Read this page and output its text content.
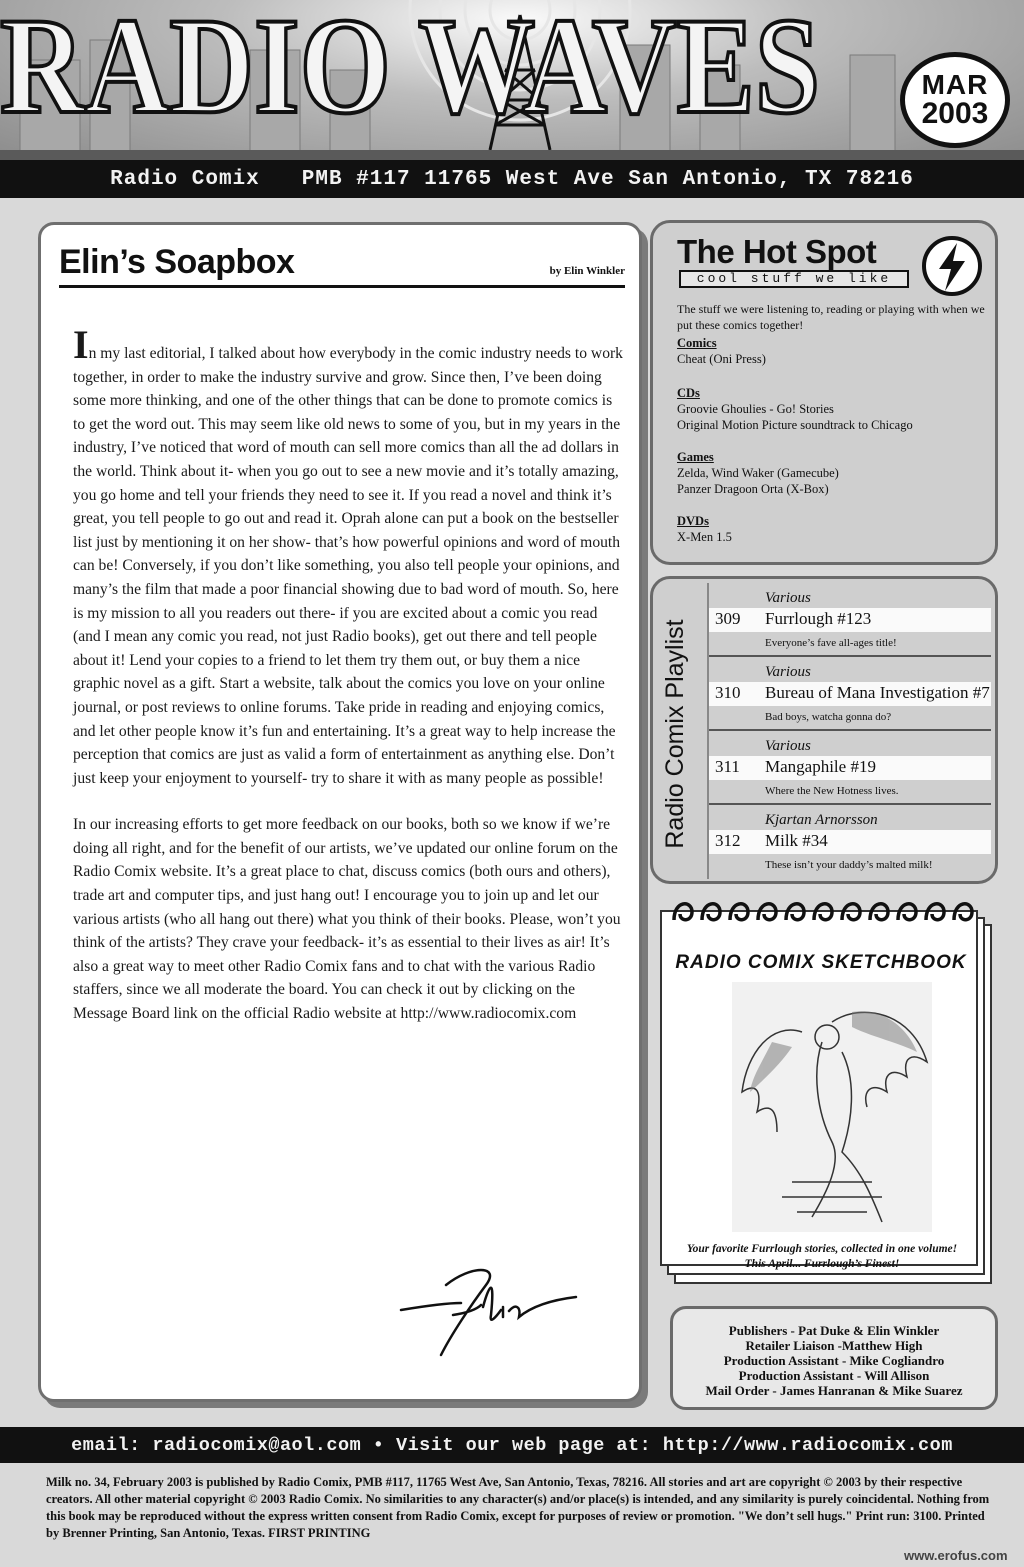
RADIO WAVES	MAR
2003
Radio Comix PMB #117 11765 West Ave San Antonio, TX 78216
Elin’s Soapbox	by Elin Winkler

In my last editorial, I talked about how everybody in the comic industry needs to work together, in order to make the industry survive and grow. Since then, I’ve been doing some more thinking, and one of the other things that can be done to promote comics is to get the word out. This may seem like old news to some of you, but in my years in the industry, I’ve noticed that word of mouth can sell more comics than all the ad dollars in the world. Think about it- when you go out to see a new movie and it’s totally amazing, you go home and tell your friends they need to see it. If you read a novel and think it’s great, you tell people to go out and read it. Oprah alone can put a book on the bestseller list just by mentioning it on her show- that’s how powerful opinions and word of mouth can be! Conversely, if you don’t like something, you also tell people your opinions, and many’s the film that made a poor financial showing due to bad word of mouth. So, here is my mission to all you readers out there- if you are excited about a comic you read (and I mean any comic you read, not just Radio books), get out there and tell people about it! Lend your copies to a friend to let them try them out, or buy them a nice graphic novel as a gift. Start a website, talk about the comics you love on your online journal, or post reviews to online forums. Take pride in reading and enjoying comics, and let other people know it’s fun and entertaining. It’s a great way to help increase the perception that comics are just as valid a form of entertainment as anything else. Don’t just keep your enjoyment to yourself- try to share it with as many people as possible!

In our increasing efforts to get more feedback on our books, both so we know if we’re doing all right, and for the benefit of our artists, we’ve updated our online forum on the Radio Comix website. It’s a great place to chat, discuss comics (both ours and others), trade art and computer tips, and just hang out! I encourage you to join up and let our various artists (who all hang out there) what you think of their books. Please, won’t you think of the artists? They crave your feedback- it’s as essential to their lives as air! It’s also a great way to meet other Radio Comix fans and to chat with the various Radio staffers, since we all moderate the board. You can check it out by clicking on the Message Board link on the official Radio website at http://www.radiocomix.com

The Hot Spot
cool stuff we like
The stuff we were listening to, reading or playing with when we put these comics together!
Comics
Cheat (Oni Press)
CDs
Groovie Ghoulies - Go! Stories
Original Motion Picture soundtrack to Chicago
Games
Zelda, Wind Waker (Gamecube)
Panzer Dragoon Orta (X-Box)
DVDs
X-Men 1.5
Radio Comix Playlist
Various
309 Furrlough #123
Everyone’s fave all-ages title!
Various
310 Bureau of Mana Investigation #7
Bad boys, watcha gonna do?
Various
311 Mangaphile #19
Where the New Hotness lives.
Kjartan Arnorsson
312 Milk #34
These isn’t your daddy’s malted milk!
RADIO COMIX SKETCHBOOK
Your favorite Furrlough stories, collected in one volume! This April... Furrlough’s Finest!
Publishers - Pat Duke & Elin Winkler
Retailer Liaison -Matthew High
Production Assistant - Mike Cogliandro
Production Assistant - Will Allison
Mail Order - James Hanranan & Mike Suarez
email: radiocomix@aol.com • Visit our web page at: http://www.radiocomix.com
Milk no. 34, February 2003 is published by Radio Comix, PMB #117, 11765 West Ave, San Antonio, Texas, 78216. All stories and art are copyright © 2003 by their respective creators. All other material copyright © 2003 Radio Comix. No similarities to any character(s) and/or place(s) is intended, and any similarity is purely coincidental. Nothing from this book may be reproduced without the express written consent from Radio Comix, except for purposes of review or promotion. "We don’t sell hugs." Print run: 3100. Printed by Brenner Printing, San Antonio, Texas. FIRST PRINTING
www.erofus.com
